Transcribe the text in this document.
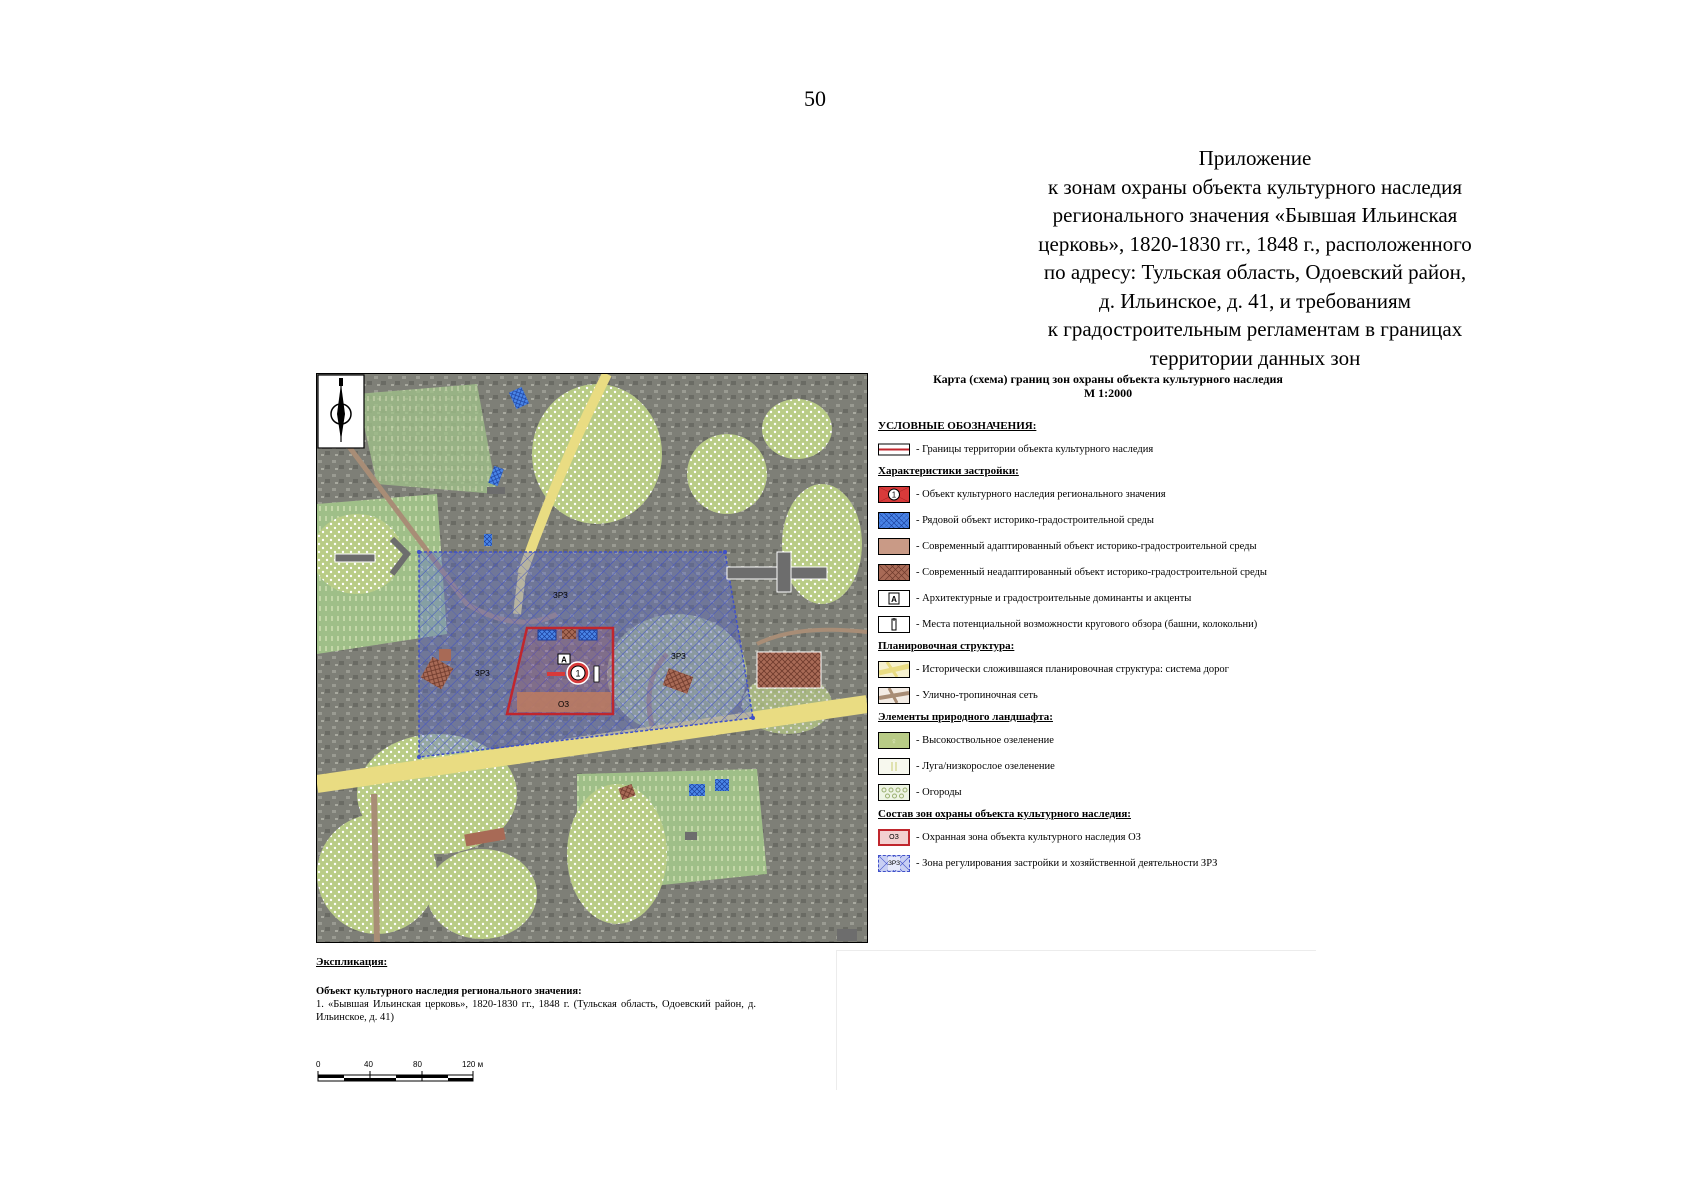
50
Приложение
к зонам охраны объекта культурного наследия
регионального значения «Бывшая Ильинская
церковь», 1820-1830 гг., 1848 г., расположенного
по адресу: Тульская область, Одоевский район,
д. Ильинское, д. 41, и требованиям
к градостроительным регламентам в границах
территории данных зон
1
А
ЗРЗ
ЗРЗ
ЗРЗ
ОЗ
Карта (схема) границ зон охраны объекта культурного наследия
М 1:2000
УСЛОВНЫЕ ОБОЗНАЧЕНИЯ:
- Границы территории объекта культурного наследия
Характеристики застройки:
1 - Объект культурного наследия регионального значения
- Рядовой объект историко-градостроительной среды
- Современный адаптированный объект историко-градостроительной среды
- Современный неадаптированный объект историко-градостроительной среды
А - Архитектурные и градостроительные доминанты и акценты
- Места потенциальной возможности кругового обзора (башни, колокольни)
Планировочная структура:
- Исторически сложившаяся планировочная структура: система дорог
- Улично-тропиночная сеть
Элементы природного ландшафта:
♀ - Высокоствольное озеленение
- Луга/низкорослое озеленение
- Огороды
Состав зон охраны объекта культурного наследия:
ОЗ - Охранная зона объекта культурного наследия ОЗ
ЗРЗ - Зона регулирования застройки и хозяйственной деятельности ЗРЗ
Экспликация:
Объект культурного наследия регионального значения:
1. «Бывшая Ильинская церковь», 1820-1830 гг., 1848 г. (Тульская область, Одоевский район, д. Ильинское, д. 41)
0	40	80	120 м
